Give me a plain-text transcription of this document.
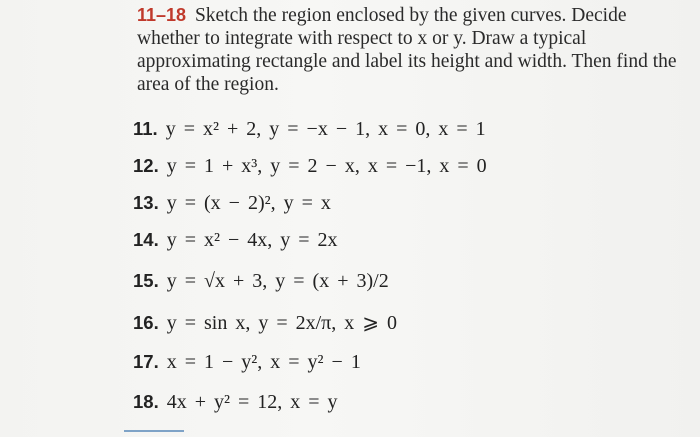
11–18 Sketch the region enclosed by the given curves. Decide whether to integrate with respect to x or y. Draw a typical approximating rectangle and label its height and width. Then find the area of the region.
11. y = x² + 2, y = −x − 1, x = 0, x = 1
12. y = 1 + x³, y = 2 − x, x = −1, x = 0
13. y = (x − 2)², y = x
14. y = x² − 4x, y = 2x
15. y = √x + 3, y = (x + 3)/2
16. y = sin x, y = 2x/π, x ⩾ 0
17. x = 1 − y², x = y² − 1
18. 4x + y² = 12, x = y
